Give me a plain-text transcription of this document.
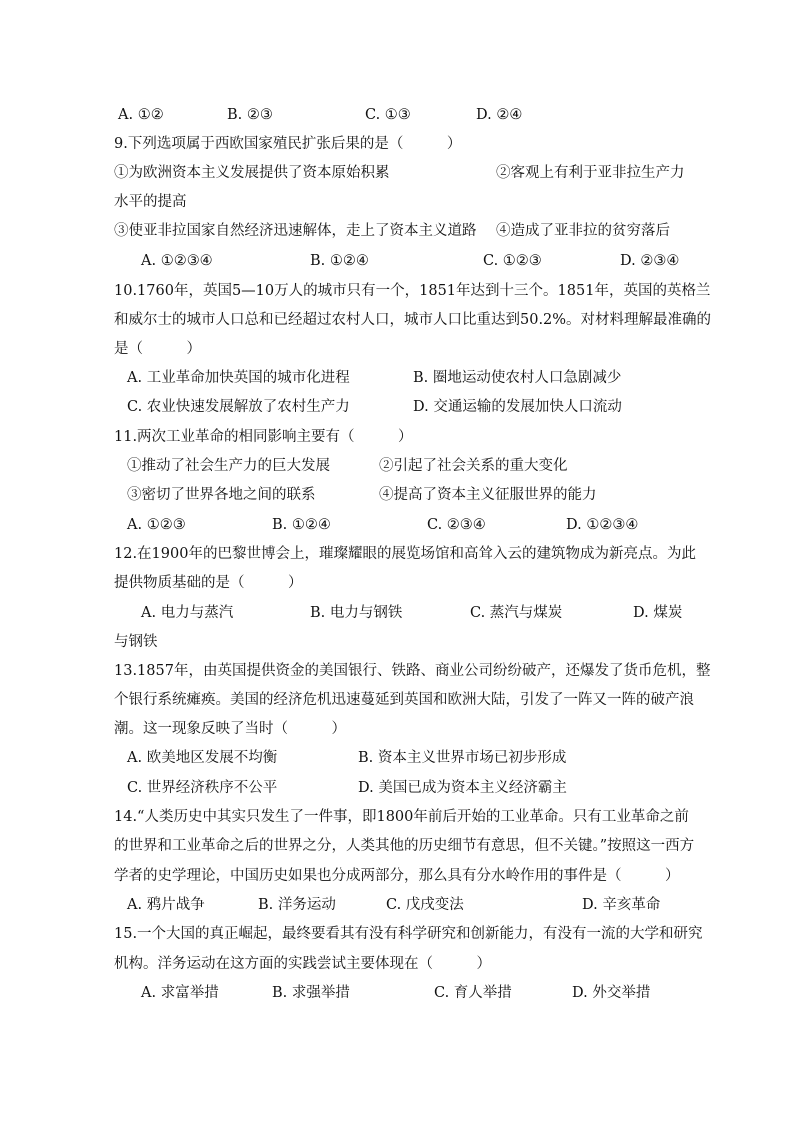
A. ①②	B. ②③	C. ①③	D. ②④
9.下列选项属于西欧国家殖民扩张后果的是（　　　）
①为欧洲资本主义发展提供了资本原始积累	②客观上有利于亚非拉生产力
水平的提高
③使亚非拉国家自然经济迅速解体，走上了资本主义道路 ④造成了亚非拉的贫穷落后
A. ①②③④	B. ①②④	C. ①②③	D. ②③④
10.1760年，英国5—10万人的城市只有一个，1851年达到十三个。1851年，英国的英格兰
和威尔士的城市人口总和已经超过农村人口，城市人口比重达到50.2%。对材料理解最准确的
是（　　　）
A. 工业革命加快英国的城市化进程	B. 圈地运动使农村人口急剧减少
C. 农业快速发展解放了农村生产力	D. 交通运输的发展加快人口流动
11.两次工业革命的相同影响主要有（　　　）
①推动了社会生产力的巨大发展	②引起了社会关系的重大变化
③密切了世界各地之间的联系	④提高了资本主义征服世界的能力
A. ①②③	B. ①②④	C. ②③④	D. ①②③④
12.在1900年的巴黎世博会上，璀璨耀眼的展览场馆和高耸入云的建筑物成为新亮点。为此
提供物质基础的是（　　　）
A. 电力与蒸汽	B. 电力与钢铁	C. 蒸汽与煤炭	D. 煤炭
与钢铁
13.1857年，由英国提供资金的美国银行、铁路、商业公司纷纷破产，还爆发了货币危机，整
个银行系统瘫痪。美国的经济危机迅速蔓延到英国和欧洲大陆，引发了一阵又一阵的破产浪
潮。这一现象反映了当时（　　　）
A. 欧美地区发展不均衡	B. 资本主义世界市场已初步形成
C. 世界经济秩序不公平	D. 美国已成为资本主义经济霸主
14.“人类历史中其实只发生了一件事，即1800年前后开始的工业革命。只有工业革命之前
的世界和工业革命之后的世界之分，人类其他的历史细节有意思，但不关键。”按照这一西方
学者的史学理论，中国历史如果也分成两部分，那么具有分水岭作用的事件是（　　　）
A. 鸦片战争	B. 洋务运动	C. 戊戌变法	D. 辛亥革命
15.一个大国的真正崛起，最终要看其有没有科学研究和创新能力，有没有一流的大学和研究
机构。洋务运动在这方面的实践尝试主要体现在（　　　）
A. 求富举措	B. 求强举措	C. 育人举措	D. 外交举措
